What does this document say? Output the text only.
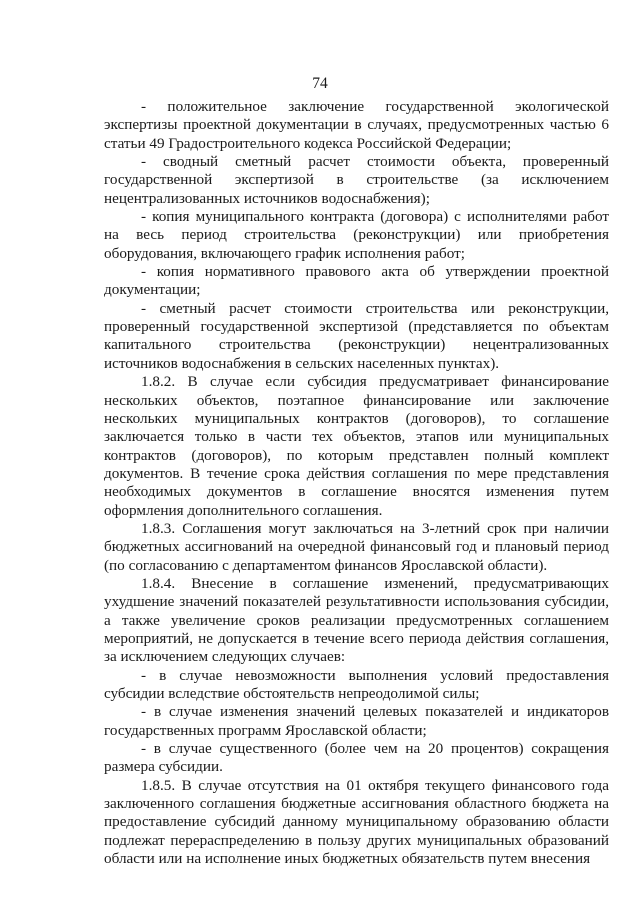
74

- положительное заключение государственной экологической экспертизы проектной документации в случаях, предусмотренных частью 6 статьи 49 Градостроительного кодекса Российской Федерации;

- сводный сметный расчет стоимости объекта, проверенный государственной экспертизой в строительстве (за исключением нецентрализованных источников водоснабжения);

- копия муниципального контракта (договора) с исполнителями работ на весь период строительства (реконструкции) или приобретения оборудования, включающего график исполнения работ;

- копия нормативного правового акта об утверждении проектной документации;

- сметный расчет стоимости строительства или реконструкции, проверенный государственной экспертизой (представляется по объектам капитального строительства (реконструкции) нецентрализованных источников водоснабжения в сельских населенных пунктах).

1.8.2. В случае если субсидия предусматривает финансирование нескольких объектов, поэтапное финансирование или заключение нескольких муниципальных контрактов (договоров), то соглашение заключается только в части тех объектов, этапов или муниципальных контрактов (договоров), по которым представлен полный комплект документов. В течение срока действия соглашения по мере представления необходимых документов в соглашение вносятся изменения путем оформления дополнительного соглашения.

1.8.3. Соглашения могут заключаться на 3-летний срок при наличии бюджетных ассигнований на очередной финансовый год и плановый период (по согласованию с департаментом финансов Ярославской области).

1.8.4. Внесение в соглашение изменений, предусматривающих ухудшение значений показателей результативности использования субсидии, а также увеличение сроков реализации предусмотренных соглашением мероприятий, не допускается в течение всего периода действия соглашения, за исключением следующих случаев:

- в случае невозможности выполнения условий предоставления субсидии вследствие обстоятельств непреодолимой силы;

- в случае изменения значений целевых показателей и индикаторов государственных программ Ярославской области;

- в случае существенного (более чем на 20 процентов) сокращения размера субсидии.

1.8.5. В случае отсутствия на 01 октября текущего финансового года заключенного соглашения бюджетные ассигнования областного бюджета на предоставление субсидий данному муниципальному образованию области подлежат перераспределению в пользу других муниципальных образований области или на исполнение иных бюджетных обязательств путем внесения
